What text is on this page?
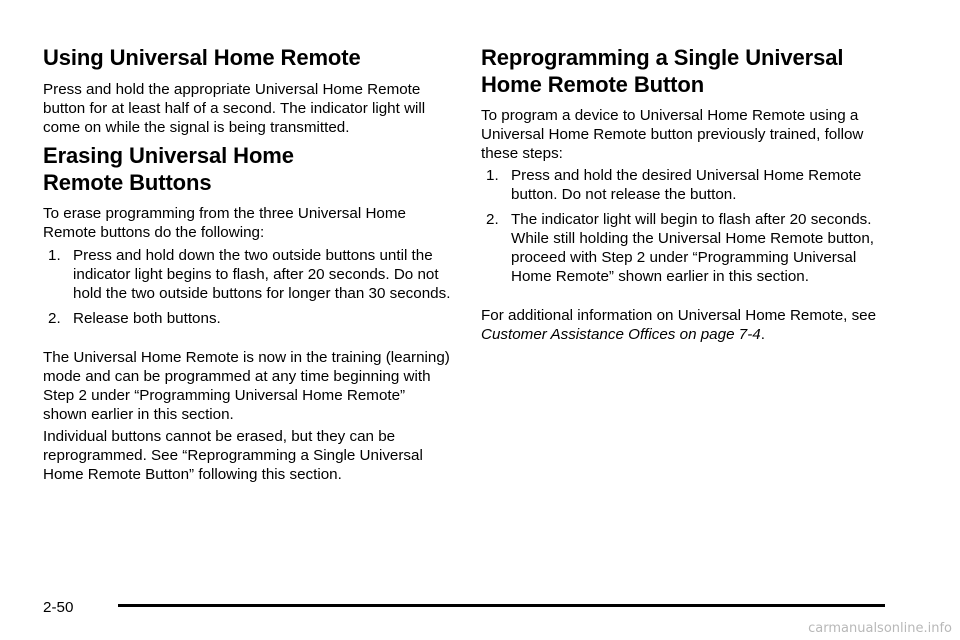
Using Universal Home Remote

Press and hold the appropriate Universal Home Remote button for at least half of a second. The indicator light will come on while the signal is being transmitted.

Erasing Universal Home Remote Buttons

To erase programming from the three Universal Home Remote buttons do the following:

1. Press and hold down the two outside buttons until the indicator light begins to flash, after 20 seconds. Do not hold the two outside buttons for longer than 30 seconds.
2. Release both buttons.

The Universal Home Remote is now in the training (learning) mode and can be programmed at any time beginning with Step 2 under “Programming Universal Home Remote” shown earlier in this section.

Individual buttons cannot be erased, but they can be reprogrammed. See “Reprogramming a Single Universal Home Remote Button” following this section.

Reprogramming a Single Universal Home Remote Button

To program a device to Universal Home Remote using a Universal Home Remote button previously trained, follow these steps:

1. Press and hold the desired Universal Home Remote button. Do not release the button.
2. The indicator light will begin to flash after 20 seconds. While still holding the Universal Home Remote button, proceed with Step 2 under “Programming Universal Home Remote” shown earlier in this section.

For additional information on Universal Home Remote, see Customer Assistance Offices on page 7-4.

2-50
carmanualsonline.info
